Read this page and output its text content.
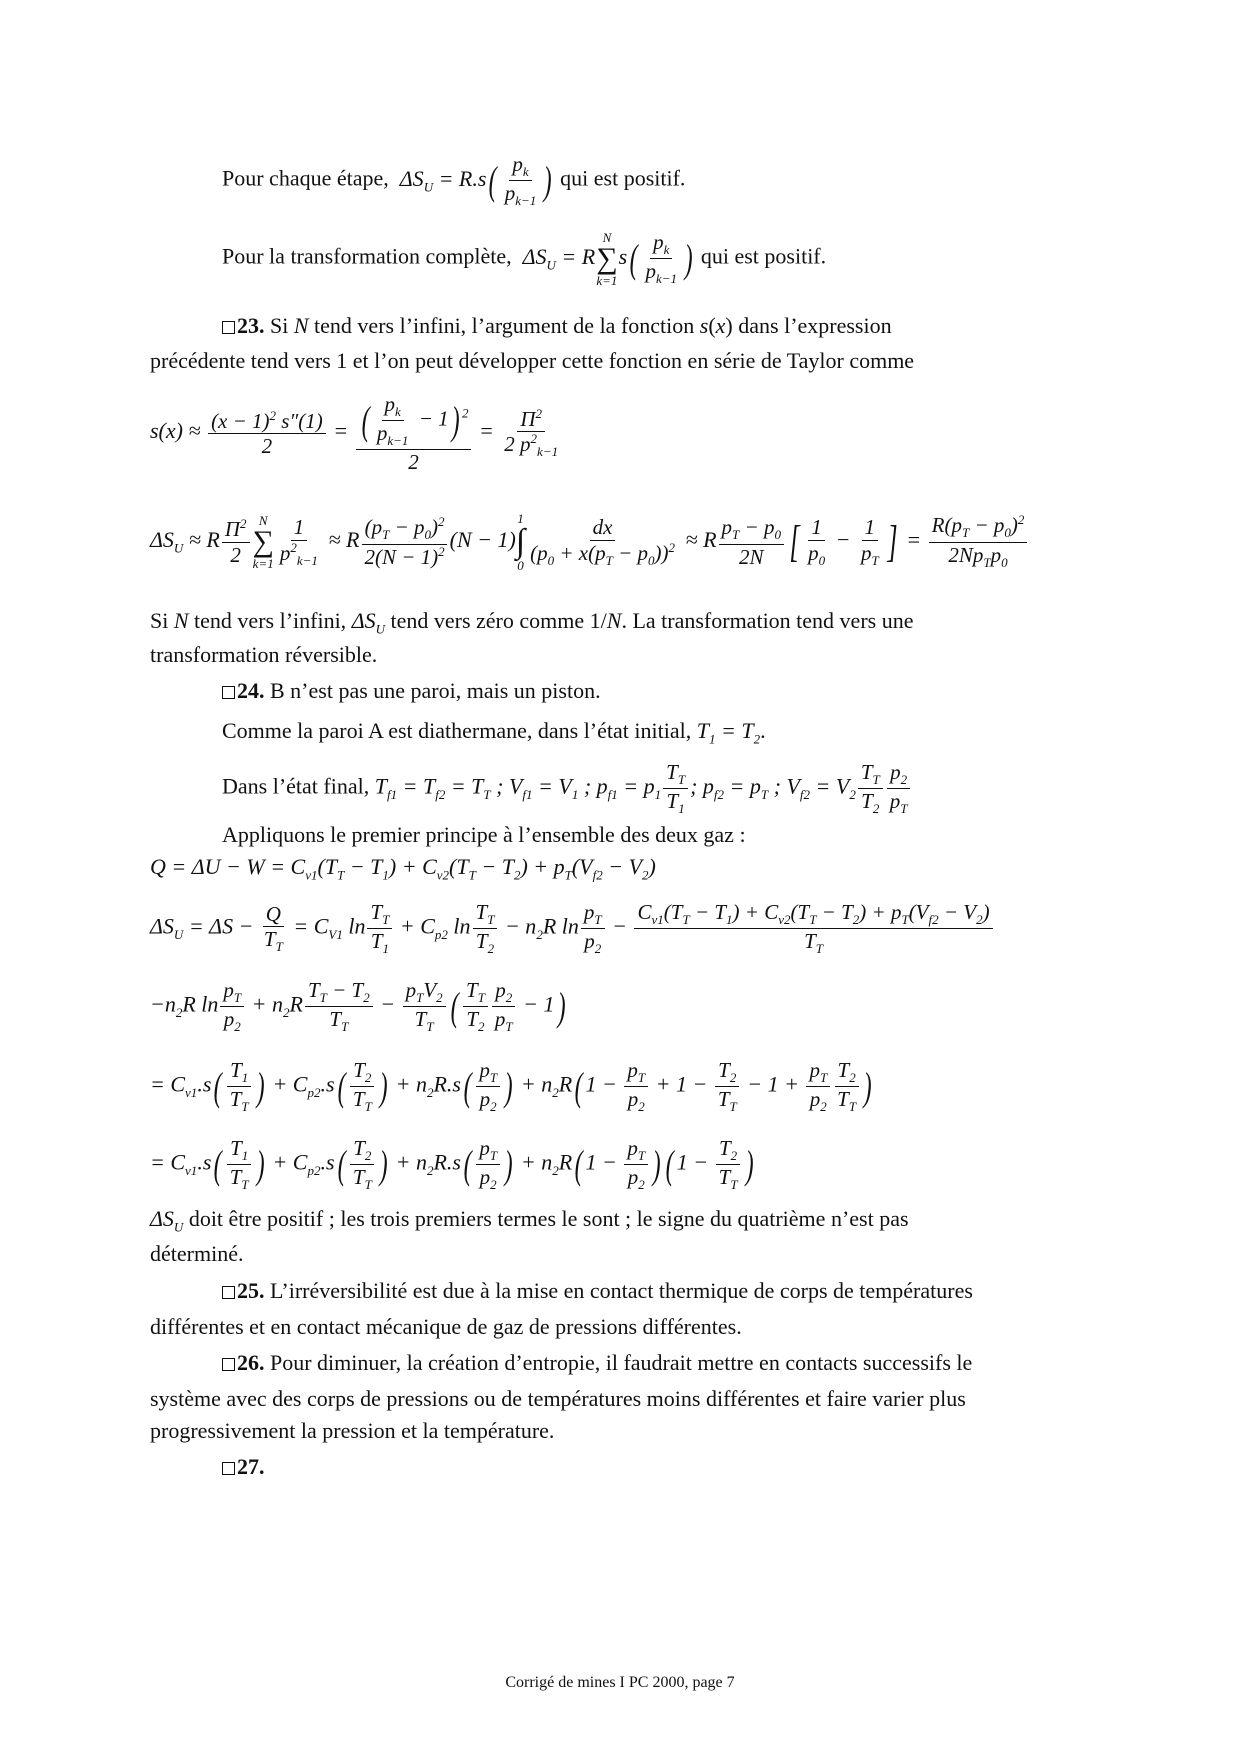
Pour chaque étape,  $\Delta S_U = R.s( \frac{p_k}{p_{k-1}}$ ) qui est positif.
Pour la transformation complète,  $\Delta S_U = R$
N
∑
k=1
$s( \frac{p_k}{p_{k-1}}$ ) qui est positif.
23. Si N tend vers l’infini, l’argument de la fonction s(x) dans l’expression
précédente tend vers 1 et l’on peut développer cette fonction en série de Taylor comme
$s(x) \approx \frac{(x - 1)^2 s''(1)}{2} = \frac{( \frac{p_k}{p_{k-1}} - 1) ^2}{2} = \frac{\Pi^2}{2 p^2_{k-1}}$
$\Delta S_U \approx R \frac{\Pi^2}{2}$ N
∑
$k=1 \frac{1}{p^2_{k-1}} \approx R \frac{(p_T - p_0)^2}{2(N - 1)^2} (N - 1)$
1
∫
$0 \frac{dx}{(p_0 + x(p_T - p_0))^2} \approx R \frac{p_T - p_0}{2N}$ [ $\frac{1}{p_0} - \frac{1}{p_T}$ ] = $\frac{R(p_T - p_0)^2}{2Np_Tp_0}$
Si N tend vers l’infini, $\Delta S_U$ tend vers zéro comme 1/N. La transformation tend vers une
transformation réversible.
24. B n’est pas une paroi, mais un piston.
Comme la paroi A est diathermane, dans l’état initial, $T_1 = T_2$.
Dans l’état final, $T_{f1} = T_{f2} = T_T$ ; $V_{f1} = V_1$ ; $p_{f1} = p_1 \frac{T_T}{T_1}$ ; $p_{f2} = p_T$ ; $V_{f2} = V_2 \frac{T_T}{T_2} \frac{p_2}{p_T}$
Appliquons le premier principe à l’ensemble des deux gaz :
$Q = \Delta U - W = C_{v1}(T_T - T_1) + C_{v2}(T_T - T_2) + p_T(V_{f2} - V_2)$
$\Delta S_U = \Delta S - \frac{Q}{T_T} = C_{V1}$ $\ln \frac{T_T}{T_1} + C_{p2}$ $\ln \frac{T_T}{T_2} - n_2R$ $\ln \frac{p_T}{p_2} - \frac{C_{v1}(T_T - T_1) + C_{v2}(T_T - T_2) + p_T(V_{f2} - V_2)}{T_T}$
$-n_2R$ $\ln \frac{p_T}{p_2} + n_2R \frac{T_T - T_2}{T_T} - \frac{p_TV_2}{T_T}$ ( $\frac{T_T}{T_2} \frac{p_2}{p_T} - 1$)
= $C_{v1}.s( \frac{T_1}{T_T}$ ) + $C_{p2}.s( \frac{T_2}{T_T}$ ) + $n_2R.s( \frac{p_T}{p_2}$ ) + $n_2R$( $1 - \frac{p_T}{p_2} + 1 - \frac{T_2}{T_T} - 1 + \frac{p_T}{p_2} \frac{T_2}{T_T}$ )
= $C_{v1}.s( \frac{T_1}{T_T}$ ) + $C_{p2}.s( \frac{T_2}{T_T}$ ) + $n_2R.s( \frac{p_T}{p_2}$ ) + $n_2R$( $1 - \frac{p_T}{p_2}$ ) ( $1 - \frac{T_2}{T_T}$ )
$\Delta S_U$ doit être positif ; les trois premiers termes le sont ; le signe du quatrième n’est pas
déterminé.
25. L’irréversibilité est due à la mise en contact thermique de corps de températures
différentes et en contact mécanique de gaz de pressions différentes.
26. Pour diminuer, la création d’entropie, il faudrait mettre en contacts successifs le
système avec des corps de pressions ou de températures moins différentes et faire varier plus
progressivement la pression et la température.
27.
Corrigé de mines I PC 2000, page 7
